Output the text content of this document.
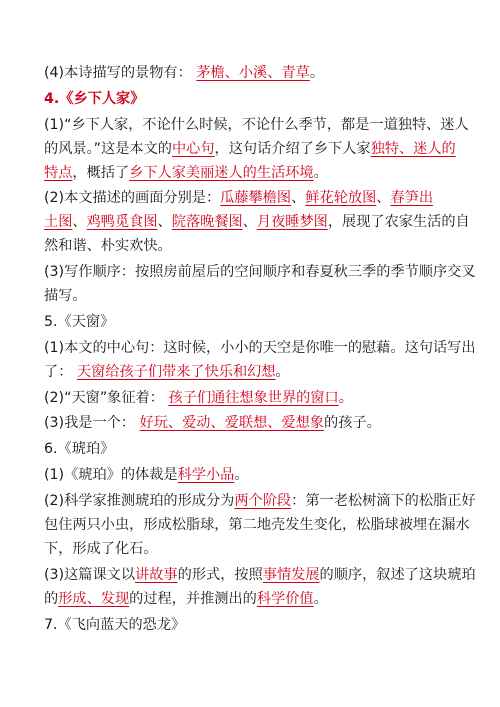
(4)本诗描写的景物有： 茅檐、小溪、青草。
4.《乡下人家》
(1)“乡下人家，不论什么时候，不论什么季节，都是一道独特、迷人
的风景。”这是本文的中心句，这句话介绍了乡下人家独特、迷人的
特点，概括了乡下人家美丽迷人的生活环境。
(2)本文描述的画面分别是：瓜藤攀檐图、鲜花轮放图、春笋出
土图、鸡鸭觅食图、院落晚餐图、月夜睡梦图，展现了农家生活的自
然和谐、朴实欢快。
(3)写作顺序：按照房前屋后的空间顺序和春夏秋三季的季节顺序交叉
描写。
5.《天窗》
(1)本文的中心句：这时候，小小的天空是你唯一的慰藉。这句话写出
了： 天窗给孩子们带来了快乐和幻想。
(2)“天窗”象征着： 孩子们通往想象世界的窗口。
(3)我是一个： 好玩、爱动、爱联想、爱想象的孩子。
6.《琥珀》
(1)《琥珀》的体裁是科学小品。
(2)科学家推测琥珀的形成分为两个阶段：第一老松树滴下的松脂正好
包住两只小虫，形成松脂球，第二地壳发生变化，松脂球被埋在漏水
下，形成了化石。
(3)这篇课文以讲故事的形式，按照事情发展的顺序，叙述了这块琥珀
的形成、发现的过程，并推测出的科学价值。
7.《飞向蓝天的恐龙》
